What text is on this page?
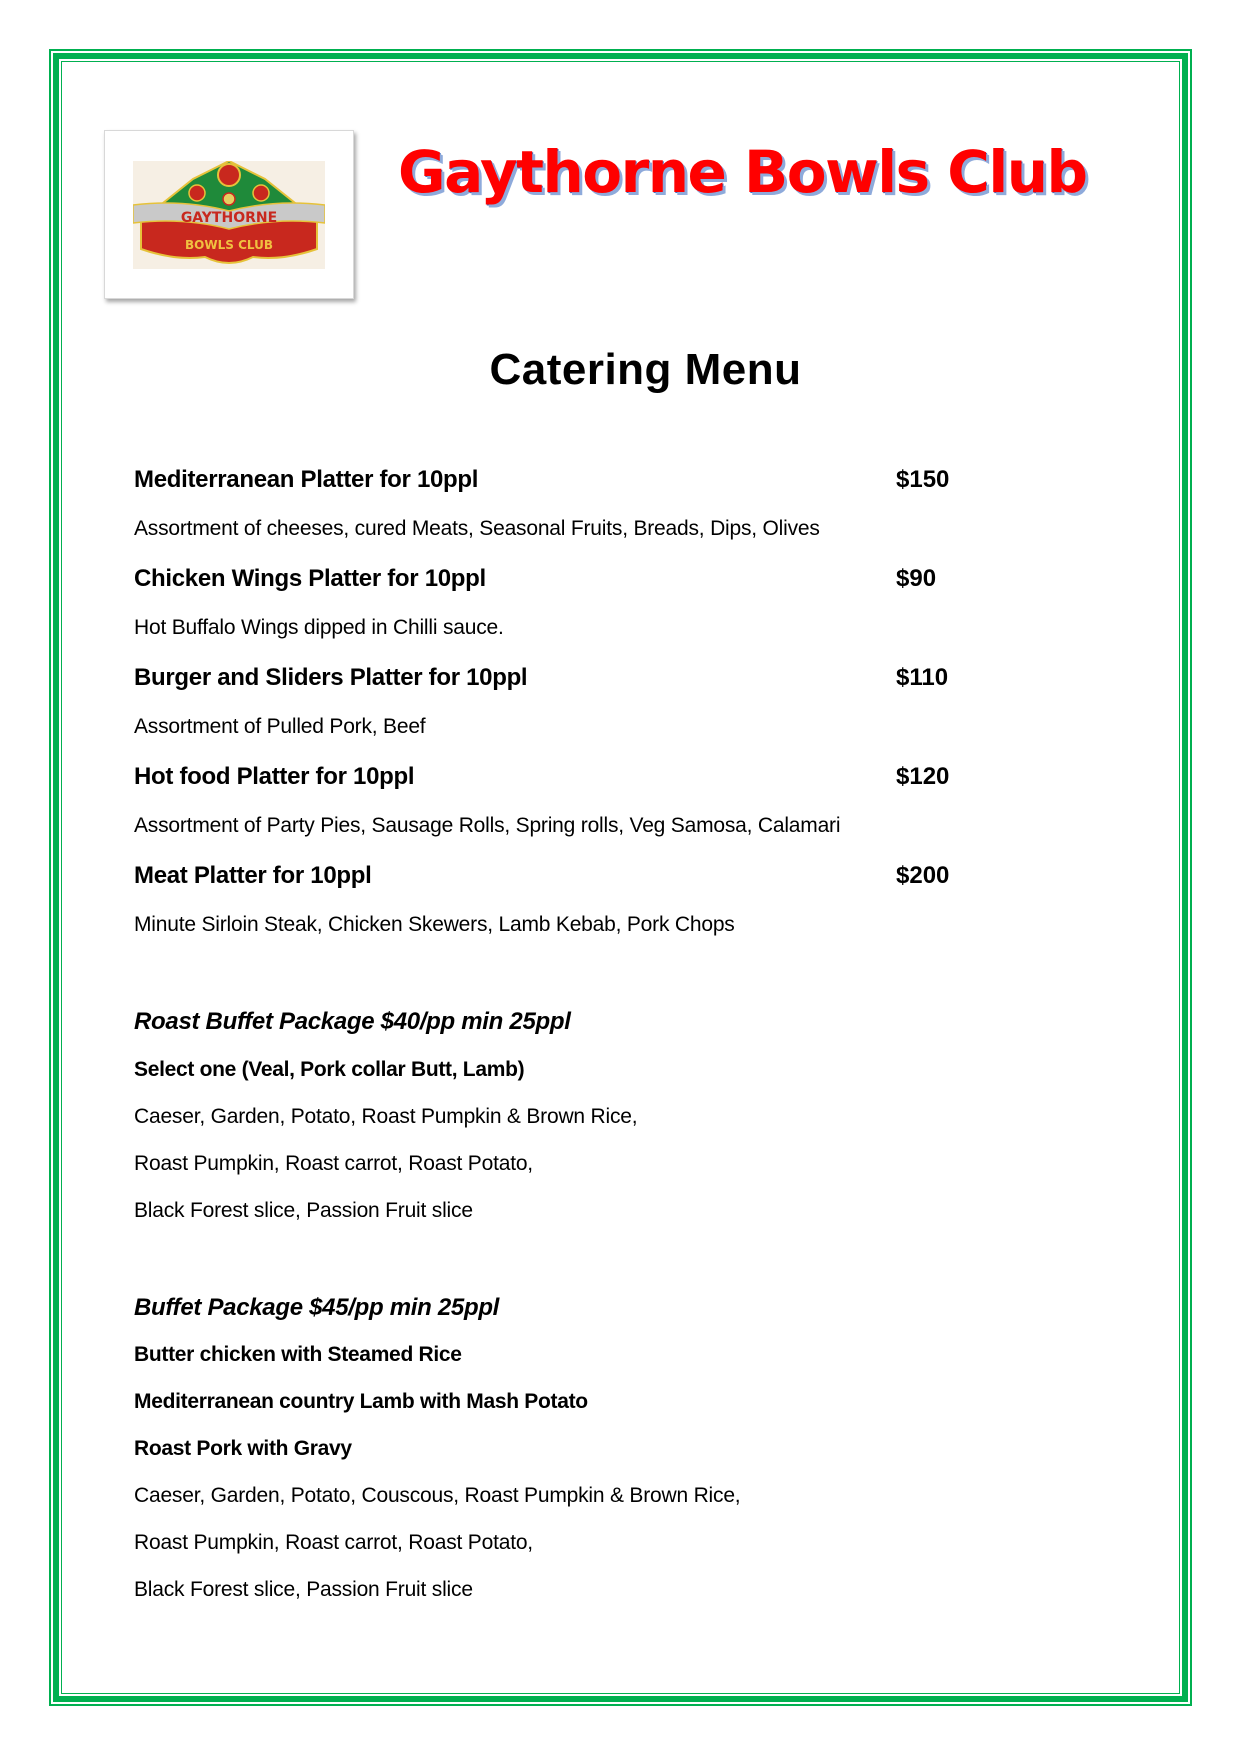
GAYTHORNE
BOWLS CLUB
Gaythorne Bowls Club
Catering Menu
Mediterranean Platter for 10ppl	$150
Assortment of cheeses, cured Meats, Seasonal Fruits, Breads, Dips, Olives
Chicken Wings Platter for 10ppl	$90
Hot Buffalo Wings dipped in Chilli sauce.
Burger and Sliders Platter for 10ppl	$110
Assortment of Pulled Pork, Beef
Hot food Platter for 10ppl	$120
Assortment of Party Pies, Sausage Rolls, Spring rolls, Veg Samosa, Calamari
Meat Platter for 10ppl	$200
Minute Sirloin Steak, Chicken Skewers, Lamb Kebab, Pork Chops
Roast Buffet Package $40/pp min 25ppl
Select one (Veal, Pork collar Butt, Lamb)
Caeser, Garden, Potato, Roast Pumpkin & Brown Rice,
Roast Pumpkin, Roast carrot, Roast Potato,
Black Forest slice, Passion Fruit slice
Buffet Package $45/pp min 25ppl
Butter chicken with Steamed Rice
Mediterranean country Lamb with Mash Potato
Roast Pork with Gravy
Caeser, Garden, Potato, Couscous, Roast Pumpkin & Brown Rice,
Roast Pumpkin, Roast carrot, Roast Potato,
Black Forest slice, Passion Fruit slice
